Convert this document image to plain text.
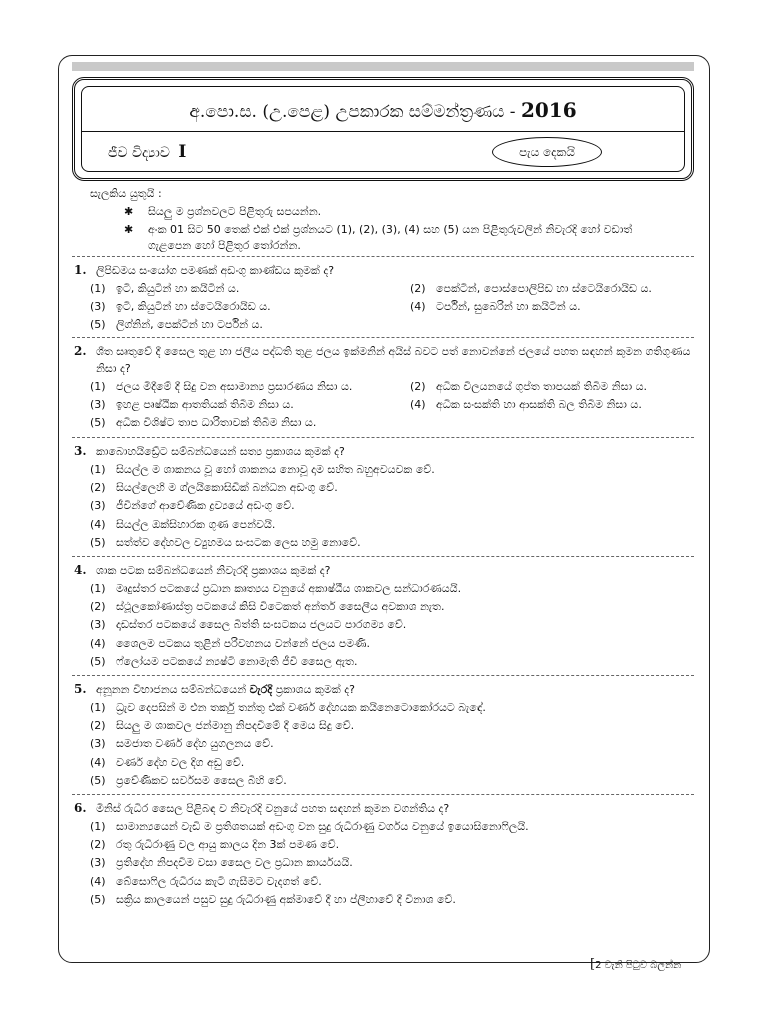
අ.පො.ස. (උ.පෙළ) උපකාරක සම්මන්ත්‍රණය - 2016
ජීව විද්‍යාව I	පැය දෙකයි
සැලකිය යුතුයි :
✱ සියලු ම ප්‍රශ්නවලට පිළිතුරු සපයන්න.
✱ අංක 01 සිට 50 තෙක් එක් එක් ප්‍රශ්නයට (1), (2), (3), (4) සහ (5) යන පිළිතුරුවලින් නිවැරදි හෝ වඩාත් ගැළපෙන හෝ පිළිතුර තෝරන්න.
1. ලිපිඩමය සංයෝග පමණක් අඩංගු කාණ්ඩය කුමක් ද?
(1) ඉටි, කියුටින් හා කයිටින් ය.	(2) පෙක්ටින්, පොස්පොලිපිඩ හා ස්ටෙයිරොයිඩ ය.
(3) ඉටි, කියුටින් හා ස්ටෙයිරොයිඩ ය.	(4) ටර්පින්, සුබෙරින් හා කයිටින් ය.
(5) ලිග්නින්, පෙක්ටින් හා ටර්පින් ය.
2. ශීත සෘතුවේ දී සෛල තුළ හා ජලීය පද්ධති තුළ ජලය ඉක්මනින් අයිස් බවට පත් නොවන්නේ ජලයේ පහත සඳහන් කුමන ගතිගුණය නිසා ද?
(1) ජලය මිදීමේ දී සිදු වන අසාමාන්‍ය ප්‍රසාරණය නිසා ය.	(2) අධික විලයනයේ ගුප්ත තාපයක් තිබීම නිසා ය.
(3) ඉහළ පෘෂ්ඨික ආතතියක් තිබීම නිසා ය.	(4) අධික සංසක්ති හා ආසක්ති බල තිබීම නිසා ය.
(5) අධික විශිෂ්ට තාප ධාරිතාවක් තිබීම නිසා ය.
3. කාබොහයිඩ්‍රේට සම්බන්ධයෙන් සත්‍ය ප්‍රකාශය කුමක් ද?
(1) සියල්ල ම ශාකනය වූ හෝ ශාකනය නොවූ දාම සහිත බහුඅවයවක වේ.
(2) සියල්ලෙහි ම ග්ලයිකොසිඩික් බන්ධන අඩංගු වේ.
(3) ජීවීන්ගේ ආවේණික ද්‍රව්‍යයේ අඩංගු වේ.
(4) සියල්ල ඔක්සිහාරක ගුණ පෙන්වයි.
(5) සත්ත්ව දේහවල ව්‍යුහමය සංඝටක ලෙස හමු නොවේ.
4. ශාක පටක සම්බන්ධයෙන් නිවැරදි ප්‍රකාශය කුමක් ද?
(1) මෘදුස්තර පටකයේ ප්‍රධාන කෘත්‍යය වනුයේ අකාෂ්ඨීය ශාකවල සන්ධාරණයයි.
(2) ස්ථූලකෝණාස්ත්‍ර පටකයේ කිසි විටෙකත් අන්තර් සෛලීය අවකාශ නැත.
(3) දෘඩස්තර පටකයේ සෛල බිත්ති සංඝටකය ජලයට පාරගම්‍ය වේ.
(4) ශෛලම පටකය තුළින් පරිවහනය වන්නේ ජලය පමණි.
(5) ෆ්ලෝයම පටකයේ න්‍යෂ්ටි නොමැති ජීවී සෛල ඇත.
5. අනූනන විභාජනය සම්බන්ධයෙන් වැරදි ප්‍රකාශය කුමක් ද?
(1) ධ්‍රැව දෙපසින් ම එන තර්කු තන්තු එක් වර්ණ දේහයක කයිනෙටොකෝරයට බැඳේ.
(2) සියලු ම ශාකවල ජන්මානු නිපදවීමේ දී මෙය සිදු වේ.
(3) සමජාත වර්ණ දේහ යුගලනය වේ.
(4) වර්ණ දේහ වල දිග අඩු වේ.
(5) ප්‍රවේණිකව සර්වසම සෛල බිහි වේ.
6. මිනිස් රුධිර සෛල පිළිබඳ ව නිවැරදි වනුයේ පහත සඳහන් කුමන වගන්තිය ද?
(1) සාමාන්‍යයෙන් වැඩි ම ප්‍රතිශතයක් අඩංගු වන සුදු රුධිරාණු වර්ගය වනුයේ ඉයොසිනොෆිලයි.
(2) රතු රුධිරාණු වල ආයු කාලය දින 3ක් පමණ වේ.
(3) ප්‍රතිදේහ නිපදවීම වසා සෛල වල ප්‍රධාන කාර්යයයි.
(4) බේසොෆිල රුධිරය කැටි ගැසීමට වැදගත් වේ.
(5) සක්‍රිය කාලයෙන් පසුව සුදු රුධිරාණු අක්මාවේ දී හා ප්ලීහාවේ දී විනාශ වේ.
[2 වැනි පිටුව බලන්න
